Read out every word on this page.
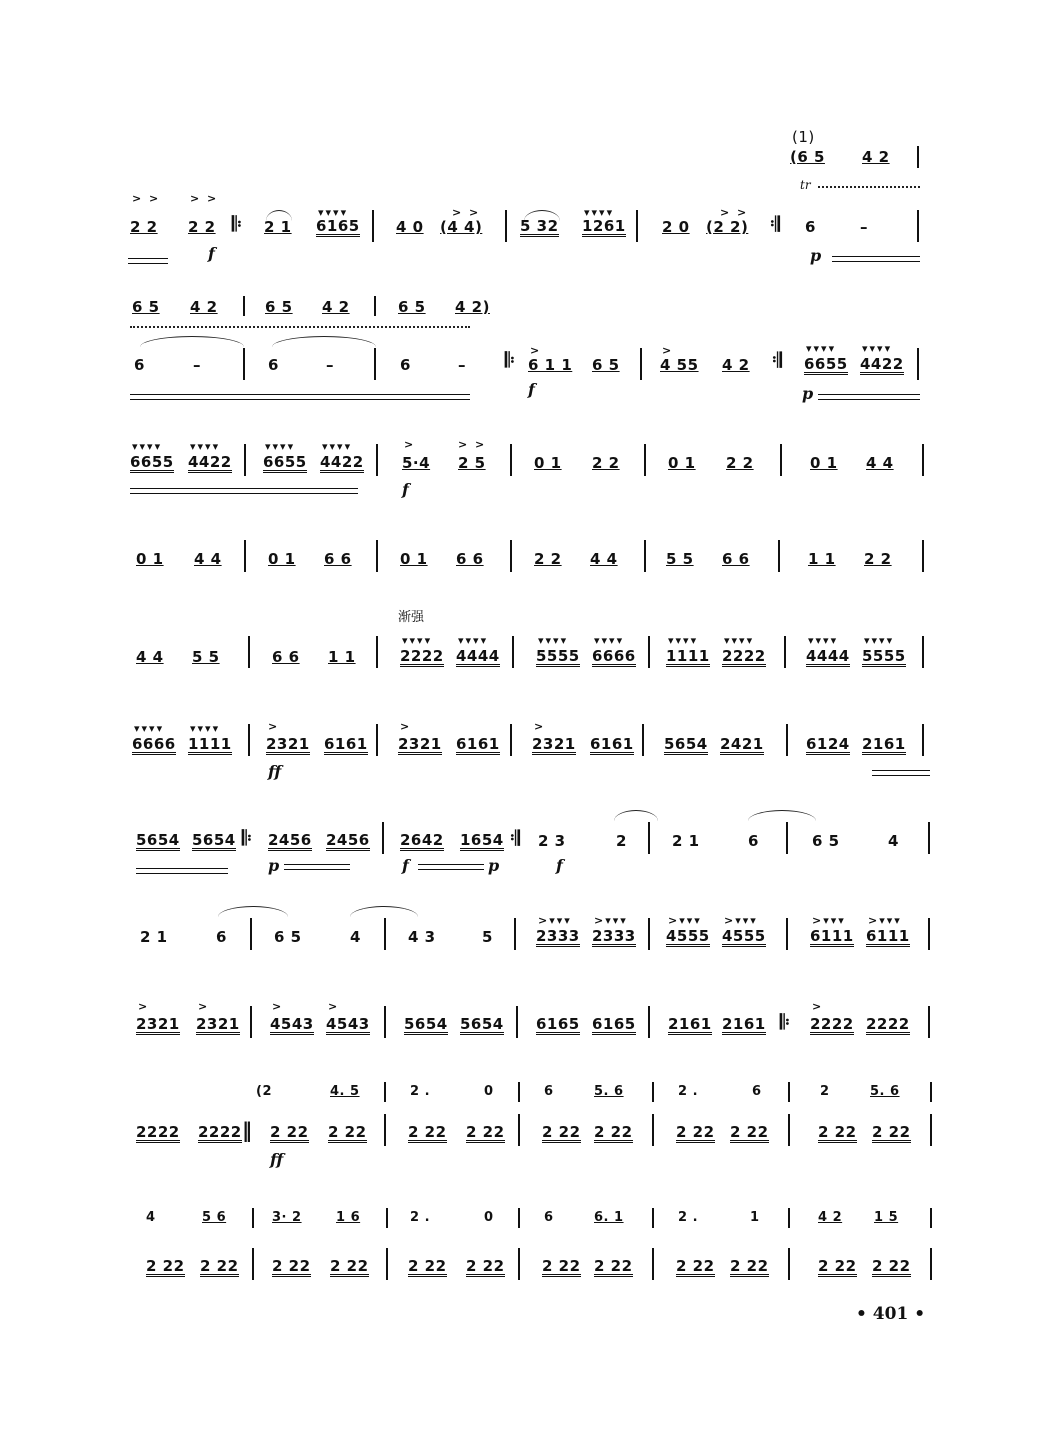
(1)
(6 5 4 2
tr
> >	> >
2 2 2 2
f
𝄆 2 1
▾▾▾▾
6165 4 0
> >
(4 4)	5 32
▾▾▾▾
1261 2 0
> >
(2 2) 𝄇 6	–
p
6 5 4 2	6 5 4 2	6 5 4 2)
6	–	6	–	6	– 𝄆 >
6 1 1 6 5
f
>
4 55 4 2 𝄇 ▾▾▾▾
6655
▾▾▾▾
4422
p
▾▾▾▾
6655
▾▾▾▾
4422
▾▾▾▾
6655
▾▾▾▾
4422
>
5·4
> >
2 5
f
0 1 2 2	0 1 2 2	0 1 4 4
0 1 4 4	0 1 6 6	0 1 6 6	2 2 4 4	5 5 6 6	1 1 2 2
渐强
4 4 5 5	6 6 1 1
▾▾▾▾
2222
▾▾▾▾
4444
▾▾▾▾
5555
▾▾▾▾
6666
▾▾▾▾
1111
▾▾▾▾
2222
▾▾▾▾
4444
▾▾▾▾
5555
▾▾▾▾
6666
▾▾▾▾
1111
>
2321 6161
ff
>
2321 6161
>
2321 6161 5654 2421	6124 2161
5654 5654 𝄆 2456 2456
p
2642 1654
f	p
𝄇 2 3
f
2	2 1	6	6 5	4
2 1	6	6 5	4	4 3	5
>▾▾▾
2333
>▾▾▾
2333
>▾▾▾
4555
>▾▾▾
4555
>▾▾▾
6111
>▾▾▾
6111
>
2321
>
2321
>
4543
>
4543 5654 5654 6165 6165 2161 2161 𝄆
>
2222 2222
(2	4. 5	2 .	0	6	5. 6	2 .	6	2	5. 6
2222 2222 ‖ 2 22 2 22
ff
2 22 2 22 2 22 2 22	2 22 2 22	2 22 2 22
4	5 6	3· 2	1 6	2 .	0	6	6. 1	2 .	1	4 2 1 5
2 22 2 22 2 22 2 22	2 22 2 22 2 22 2 22	2 22 2 22	2 22 2 22
• 401 •
